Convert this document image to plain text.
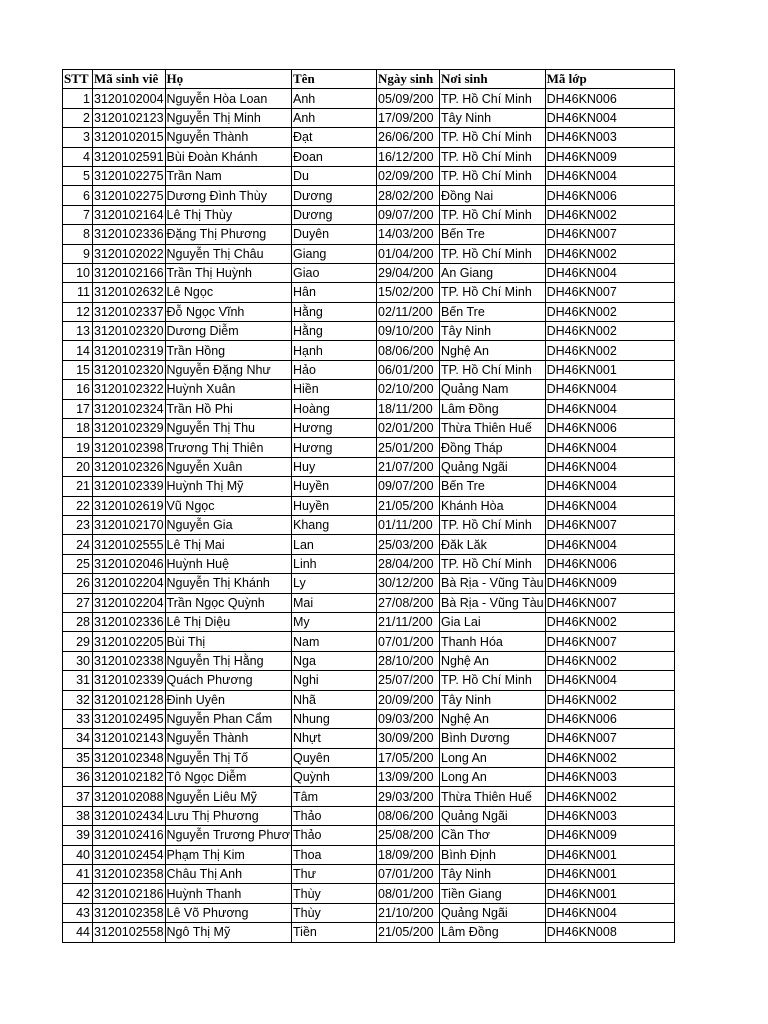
STT	Mã sinh viê	Họ	Tên	Ngày sinh	Nơi sinh	Mã lớp
1	3120102004	Nguyễn Hòa Loan	Anh	05/09/200	TP. Hồ Chí Minh	DH46KN006
2	3120102123	Nguyễn Thị Minh	Anh	17/09/200	Tây Ninh	DH46KN004
3	3120102015	Nguyễn Thành	Đạt	26/06/200	TP. Hồ Chí Minh	DH46KN003
4	3120102591	Bùi Đoàn Khánh	Đoan	16/12/200	TP. Hồ Chí Minh	DH46KN009
5	3120102275	Trần Nam	Du	02/09/200	TP. Hồ Chí Minh	DH46KN004
6	3120102275	Dương Đình Thùy	Dương	28/02/200	Đồng Nai	DH46KN006
7	3120102164	Lê Thị Thùy	Dương	09/07/200	TP. Hồ Chí Minh	DH46KN002
8	3120102336	Đặng Thị Phương	Duyên	14/03/200	Bến Tre	DH46KN007
9	3120102022	Nguyễn Thị Châu	Giang	01/04/200	TP. Hồ Chí Minh	DH46KN002
10	3120102166	Trần Thị Huỳnh	Giao	29/04/200	An Giang	DH46KN004
11	3120102632	Lê Ngọc	Hân	15/02/200	TP. Hồ Chí Minh	DH46KN007
12	3120102337	Đỗ Ngọc Vĩnh	Hằng	02/11/200	Bến Tre	DH46KN002
13	3120102320	Dương Diễm	Hằng	09/10/200	Tây Ninh	DH46KN002
14	3120102319	Trần Hồng	Hạnh	08/06/200	Nghệ An	DH46KN002
15	3120102320	Nguyễn Đặng Như	Hảo	06/01/200	TP. Hồ Chí Minh	DH46KN001
16	3120102322	Huỳnh Xuân	Hiền	02/10/200	Quảng Nam	DH46KN004
17	3120102324	Trần Hồ Phi	Hoàng	18/11/200	Lâm Đồng	DH46KN004
18	3120102329	Nguyễn Thị Thu	Hương	02/01/200	Thừa Thiên Huế	DH46KN006
19	3120102398	Trương Thị Thiên	Hương	25/01/200	Đồng Tháp	DH46KN004
20	3120102326	Nguyễn Xuân	Huy	21/07/200	Quảng Ngãi	DH46KN004
21	3120102339	Huỳnh Thị Mỹ	Huyền	09/07/200	Bến Tre	DH46KN004
22	3120102619	Vũ Ngọc	Huyền	21/05/200	Khánh Hòa	DH46KN004
23	3120102170	Nguyễn Gia	Khang	01/11/200	TP. Hồ Chí Minh	DH46KN007
24	3120102555	Lê Thị Mai	Lan	25/03/200	Đăk Lăk	DH46KN004
25	3120102046	Huỳnh Huệ	Linh	28/04/200	TP. Hồ Chí Minh	DH46KN006
26	3120102204	Nguyễn Thị Khánh	Ly	30/12/200	Bà Rịa - Vũng Tàu	DH46KN009
27	3120102204	Trần Ngọc Quỳnh	Mai	27/08/200	Bà Rịa - Vũng Tàu	DH46KN007
28	3120102336	Lê Thị Diệu	My	21/11/200	Gia Lai	DH46KN002
29	3120102205	Bùi Thị	Nam	07/01/200	Thanh Hóa	DH46KN007
30	3120102338	Nguyễn Thị Hằng	Nga	28/10/200	Nghệ An	DH46KN002
31	3120102339	Quách Phương	Nghi	25/07/200	TP. Hồ Chí Minh	DH46KN004
32	3120102128	Đinh Uyên	Nhã	20/09/200	Tây Ninh	DH46KN002
33	3120102495	Nguyễn Phan Cẩm	Nhung	09/03/200	Nghệ An	DH46KN006
34	3120102143	Nguyễn Thành	Nhựt	30/09/200	Bình Dương	DH46KN007
35	3120102348	Nguyễn Thị Tố	Quyên	17/05/200	Long An	DH46KN002
36	3120102182	Tô Ngọc Diễm	Quỳnh	13/09/200	Long An	DH46KN003
37	3120102088	Nguyễn Liêu Mỹ	Tâm	29/03/200	Thừa Thiên Huế	DH46KN002
38	3120102434	Lưu Thị Phương	Thảo	08/06/200	Quảng Ngãi	DH46KN003
39	3120102416	Nguyễn Trương Phươ	Thảo	25/08/200	Cần Thơ	DH46KN009
40	3120102454	Phạm Thị Kim	Thoa	18/09/200	Bình Định	DH46KN001
41	3120102358	Châu Thị Anh	Thư	07/01/200	Tây Ninh	DH46KN001
42	3120102186	Huỳnh Thanh	Thùy	08/01/200	Tiền Giang	DH46KN001
43	3120102358	Lê Võ Phương	Thùy	21/10/200	Quảng Ngãi	DH46KN004
44	3120102558	Ngô Thị Mỹ	Tiền	21/05/200	Lâm Đồng	DH46KN008
